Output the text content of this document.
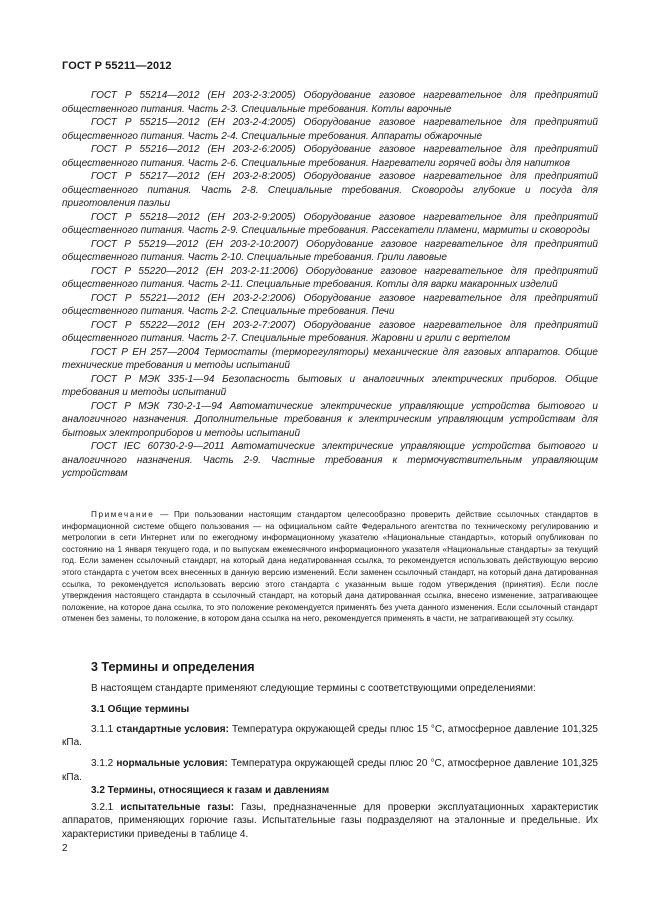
ГОСТ Р 55211—2012

ГОСТ Р 55214—2012 (ЕН 203-2-3:2005) Оборудование газовое нагревательное для предприятий общественного питания. Часть 2-3. Специальные требования. Котлы варочные

ГОСТ Р 55215—2012 (ЕН 203-2-4:2005) Оборудование газовое нагревательное для предприятий общественного питания. Часть 2-4. Специальные требования. Аппараты обжарочные

ГОСТ Р 55216—2012 (ЕН 203-2-6:2005) Оборудование газовое нагревательное для предприятий общественного питания. Часть 2-6. Специальные требования. Нагреватели горячей воды для напитков

ГОСТ Р 55217—2012 (ЕН 203-2-8:2005) Оборудование газовое нагревательное для предприятий общественного питания. Часть 2-8. Специальные требования. Сковороды глубокие и посуда для приготовления паэльи

ГОСТ Р 55218—2012 (ЕН 203-2-9:2005) Оборудование газовое нагревательное для предприятий общественного питания. Часть 2-9. Специальные требования. Рассекатели пламени, мармиты и сковороды

ГОСТ Р 55219—2012 (ЕН 203-2-10:2007) Оборудование газовое нагревательное для предприятий общественного питания. Часть 2-10. Специальные требования. Грили лавовые

ГОСТ Р 55220—2012 (ЕН 203-2-11:2006) Оборудование газовое нагревательное для предприятий общественного питания. Часть 2-11. Специальные требования. Котлы для варки макаронных изделий

ГОСТ Р 55221—2012 (ЕН 203-2-2:2006) Оборудование газовое нагревательное для предприятий общественного питания. Часть 2-2. Специальные требования. Печи

ГОСТ Р 55222—2012 (ЕН 203-2-7:2007) Оборудование газовое нагревательное для предприятий общественного питания. Часть 2-7. Специальные требования. Жаровни и грили с вертелом

ГОСТ Р ЕН 257—2004 Термостаты (терморегуляторы) механические для газовых аппаратов. Общие технические требования и методы испытаний

ГОСТ Р МЭК 335-1—94 Безопасность бытовых и аналогичных электрических приборов. Общие требования и методы испытаний

ГОСТ Р МЭК 730-2-1—94 Автоматические электрические управляющие устройства бытового и аналогичного назначения. Дополнительные требования к электрическим управляющим устройствам для бытовых электроприборов и методы испытаний

ГОСТ IEC 60730-2-9—2011 Автоматические электрические управляющие устройства бытового и аналогичного назначения. Часть 2-9. Частные требования к термочувствительным управляющим устройствам

Примечание — При пользовании настоящим стандартом целесообразно проверить действие ссылочных стандартов в информационной системе общего пользования — на официальном сайте Федерального агентства по техническому регулированию и метрологии в сети Интернет или по ежегодному информационному указателю «Национальные стандарты», который опубликован по состоянию на 1 января текущего года, и по выпускам ежемесячного информационного указателя «Национальные стандарты» за текущий год. Если заменен ссылочный стандарт, на который дана недатированная ссылка, то рекомендуется использовать действующую версию этого стандарта с учетом всех внесенных в данную версию изменений. Если заменен ссылочный стандарт, на который дана датированная ссылка, то рекомендуется использовать версию этого стандарта с указанным выше годом утверждения (принятия). Если после утверждения настоящего стандарта в ссылочный стандарт, на который дана датированная ссылка, внесено изменение, затрагивающее положение, на которое дана ссылка, то это положение рекомендуется применять без учета данного изменения. Если ссылочный стандарт отменен без замены, то положение, в котором дана ссылка на него, рекомендуется применять в части, не затрагивающей эту ссылку.

3 Термины и определения

В настоящем стандарте применяют следующие термины с соответствующими определениями:

3.1 Общие термины

3.1.1 стандартные условия: Температура окружающей среды плюс 15 °С, атмосферное давление 101,325 кПа.

3.1.2 нормальные условия: Температура окружающей среды плюс 20 °С, атмосферное давление 101,325 кПа.

3.2 Термины, относящиеся к газам и давлениям

3.2.1 испытательные газы: Газы, предназначенные для проверки эксплуатационных характеристик аппаратов, применяющих горючие газы. Испытательные газы подразделяют на эталонные и предельные. Их характеристики приведены в таблице 4.

2
